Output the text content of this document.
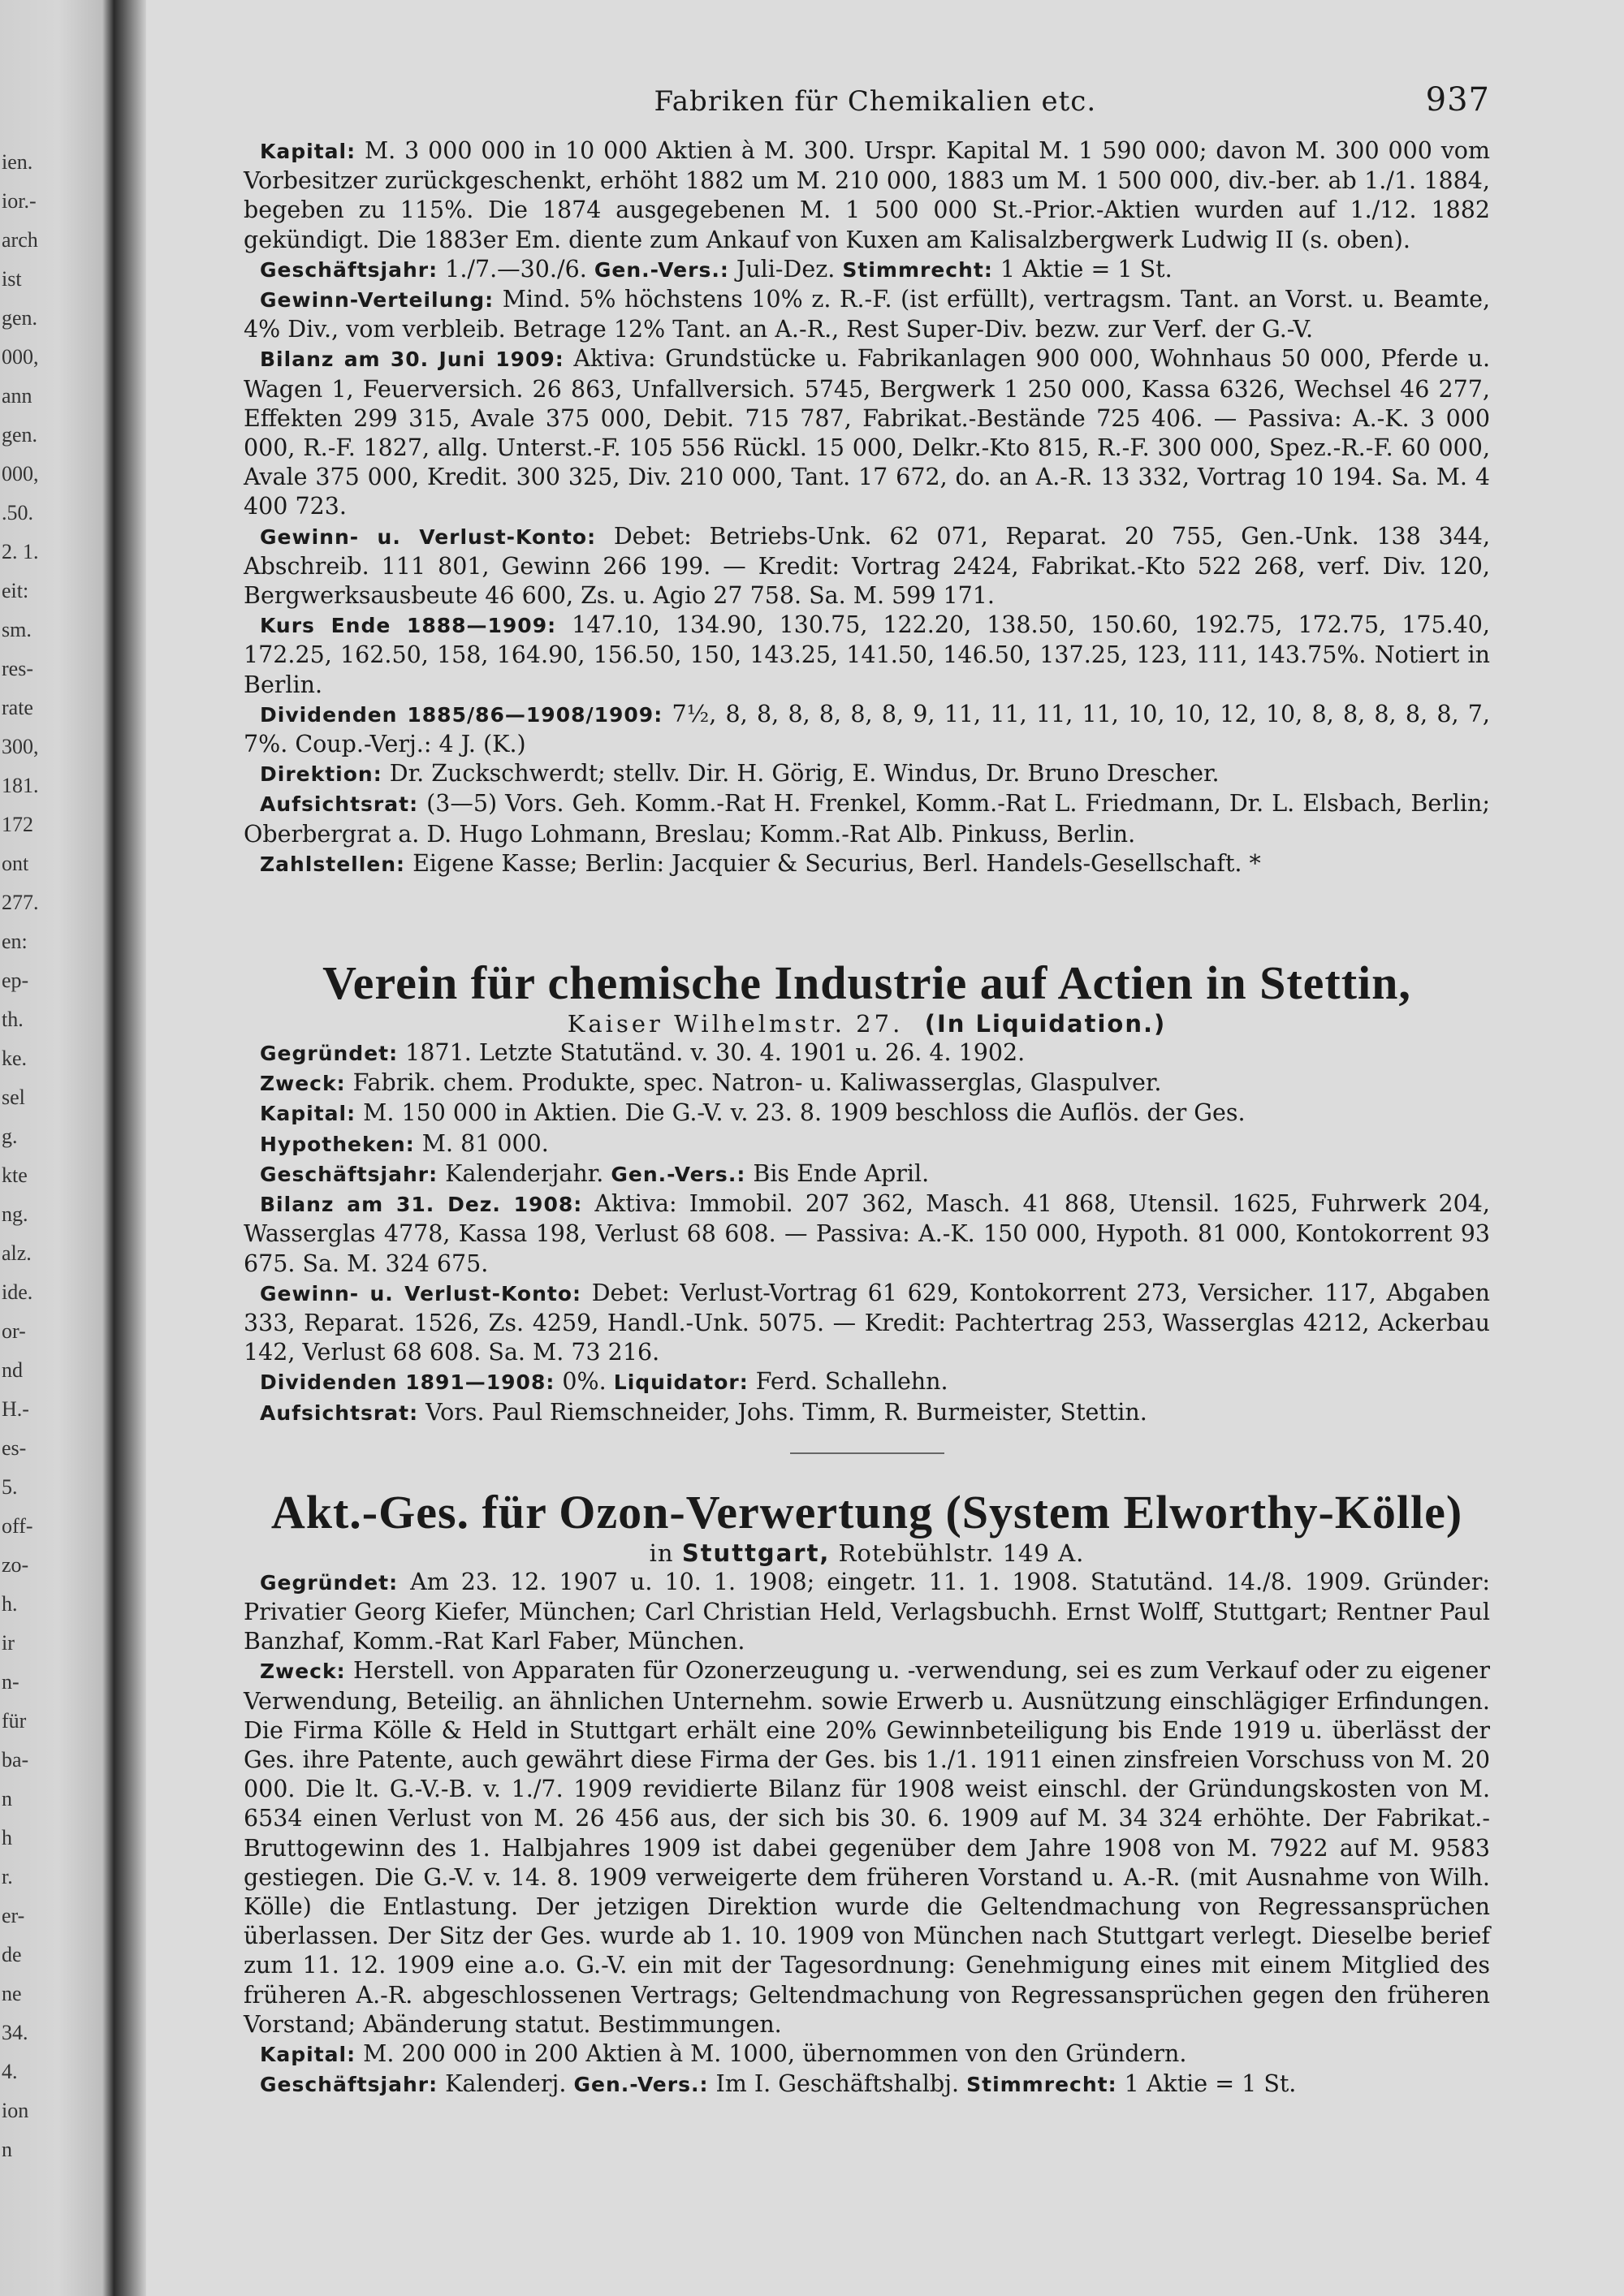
ien.
ior.-
arch
ist
gen.
000,
ann
gen.
000,
.50.
2. 1.
eit:
sm.
res-
rate
300,
181.
172
ont
277.
en:
ep-
th.
ke.
sel
g.
kte
ng.
alz.
ide.
or-
nd
H.-
es-
5.
off-
zo-
h.
ir
n-
für
ba-
n
h
r.
er-
de
ne
34.
4.
ion
n
Fabriken für Chemikalien etc.	937

Kapital: M. 3 000 000 in 10 000 Aktien à M. 300. Urspr. Kapital M. 1 590 000; davon M. 300 000 vom Vorbesitzer zurückgeschenkt, erhöht 1882 um M. 210 000, 1883 um M. 1 500 000, div.-ber. ab 1./1. 1884, begeben zu 115%. Die 1874 ausgegebenen M. 1 500 000 St.-Prior.-Aktien wurden auf 1./12. 1882 gekündigt. Die 1883er Em. diente zum Ankauf von Kuxen am Kalisalzbergwerk Ludwig II (s. oben).

Geschäftsjahr: 1./7.—30./6. Gen.-Vers.: Juli-Dez. Stimmrecht: 1 Aktie = 1 St.

Gewinn-Verteilung: Mind. 5% höchstens 10% z. R.-F. (ist erfüllt), vertragsm. Tant. an Vorst. u. Beamte, 4% Div., vom verbleib. Betrage 12% Tant. an A.-R., Rest Super-Div. bezw. zur Verf. der G.-V.

Bilanz am 30. Juni 1909: Aktiva: Grundstücke u. Fabrikanlagen 900 000, Wohnhaus 50 000, Pferde u. Wagen 1, Feuerversich. 26 863, Unfallversich. 5745, Bergwerk 1 250 000, Kassa 6326, Wechsel 46 277, Effekten 299 315, Avale 375 000, Debit. 715 787, Fabrikat.-Bestände 725 406. — Passiva: A.-K. 3 000 000, R.-F. 1827, allg. Unterst.-F. 105 556 Rückl. 15 000, Delkr.-Kto 815, R.-F. 300 000, Spez.-R.-F. 60 000, Avale 375 000, Kredit. 300 325, Div. 210 000, Tant. 17 672, do. an A.-R. 13 332, Vortrag 10 194. Sa. M. 4 400 723.

Gewinn- u. Verlust-Konto: Debet: Betriebs-Unk. 62 071, Reparat. 20 755, Gen.-Unk. 138 344, Abschreib. 111 801, Gewinn 266 199. — Kredit: Vortrag 2424, Fabrikat.-Kto 522 268, verf. Div. 120, Bergwerksausbeute 46 600, Zs. u. Agio 27 758. Sa. M. 599 171.

Kurs Ende 1888—1909: 147.10, 134.90, 130.75, 122.20, 138.50, 150.60, 192.75, 172.75, 175.40, 172.25, 162.50, 158, 164.90, 156.50, 150, 143.25, 141.50, 146.50, 137.25, 123, 111, 143.75%. Notiert in Berlin.

Dividenden 1885/86—1908/1909: 7½, 8, 8, 8, 8, 8, 8, 9, 11, 11, 11, 11, 10, 10, 12, 10, 8, 8, 8, 8, 8, 7, 7%. Coup.-Verj.: 4 J. (K.)

Direktion: Dr. Zuckschwerdt; stellv. Dir. H. Görig, E. Windus, Dr. Bruno Drescher.

Aufsichtsrat: (3—5) Vors. Geh. Komm.-Rat H. Frenkel, Komm.-Rat L. Friedmann, Dr. L. Elsbach, Berlin; Oberbergrat a. D. Hugo Lohmann, Breslau; Komm.-Rat Alb. Pinkuss, Berlin.

Zahlstellen: Eigene Kasse; Berlin: Jacquier & Securius, Berl. Handels-Gesellschaft. *

Verein für chemische Industrie auf Actien in Stettin,
Kaiser Wilhelmstr. 27. (In Liquidation.)

Gegründet: 1871. Letzte Statutänd. v. 30. 4. 1901 u. 26. 4. 1902.

Zweck: Fabrik. chem. Produkte, spec. Natron- u. Kaliwasserglas, Glaspulver.

Kapital: M. 150 000 in Aktien. Die G.-V. v. 23. 8. 1909 beschloss die Auflös. der Ges.

Hypotheken: M. 81 000.

Geschäftsjahr: Kalenderjahr. Gen.-Vers.: Bis Ende April.

Bilanz am 31. Dez. 1908: Aktiva: Immobil. 207 362, Masch. 41 868, Utensil. 1625, Fuhrwerk 204, Wasserglas 4778, Kassa 198, Verlust 68 608. — Passiva: A.-K. 150 000, Hypoth. 81 000, Kontokorrent 93 675. Sa. M. 324 675.

Gewinn- u. Verlust-Konto: Debet: Verlust-Vortrag 61 629, Kontokorrent 273, Versicher. 117, Abgaben 333, Reparat. 1526, Zs. 4259, Handl.-Unk. 5075. — Kredit: Pachtertrag 253, Wasserglas 4212, Ackerbau 142, Verlust 68 608. Sa. M. 73 216.

Dividenden 1891—1908: 0%. Liquidator: Ferd. Schallehn.

Aufsichtsrat: Vors. Paul Riemschneider, Johs. Timm, R. Burmeister, Stettin.

Akt.-Ges. für Ozon-Verwertung (System Elworthy-Kölle)
in Stuttgart, Rotebühlstr. 149 A.

Gegründet: Am 23. 12. 1907 u. 10. 1. 1908; eingetr. 11. 1. 1908. Statutänd. 14./8. 1909. Gründer: Privatier Georg Kiefer, München; Carl Christian Held, Verlagsbuchh. Ernst Wolff, Stuttgart; Rentner Paul Banzhaf, Komm.-Rat Karl Faber, München.

Zweck: Herstell. von Apparaten für Ozonerzeugung u. -verwendung, sei es zum Verkauf oder zu eigener Verwendung, Beteilig. an ähnlichen Unternehm. sowie Erwerb u. Ausnützung einschlägiger Erfindungen. Die Firma Kölle & Held in Stuttgart erhält eine 20% Gewinnbeteiligung bis Ende 1919 u. überlässt der Ges. ihre Patente, auch gewährt diese Firma der Ges. bis 1./1. 1911 einen zinsfreien Vorschuss von M. 20 000. Die lt. G.-V.-B. v. 1./7. 1909 revidierte Bilanz für 1908 weist einschl. der Gründungskosten von M. 6534 einen Verlust von M. 26 456 aus, der sich bis 30. 6. 1909 auf M. 34 324 erhöhte. Der Fabrikat.-Bruttogewinn des 1. Halbjahres 1909 ist dabei gegenüber dem Jahre 1908 von M. 7922 auf M. 9583 gestiegen. Die G.-V. v. 14. 8. 1909 verweigerte dem früheren Vorstand u. A.-R. (mit Ausnahme von Wilh. Kölle) die Entlastung. Der jetzigen Direktion wurde die Geltendmachung von Regressansprüchen überlassen. Der Sitz der Ges. wurde ab 1. 10. 1909 von München nach Stuttgart verlegt. Dieselbe berief zum 11. 12. 1909 eine a.o. G.-V. ein mit der Tagesordnung: Genehmigung eines mit einem Mitglied des früheren A.-R. abgeschlossenen Vertrags; Geltendmachung von Regressansprüchen gegen den früheren Vorstand; Abänderung statut. Bestimmungen.

Kapital: M. 200 000 in 200 Aktien à M. 1000, übernommen von den Gründern.

Geschäftsjahr: Kalenderj. Gen.-Vers.: Im I. Geschäftshalbj. Stimmrecht: 1 Aktie = 1 St.
